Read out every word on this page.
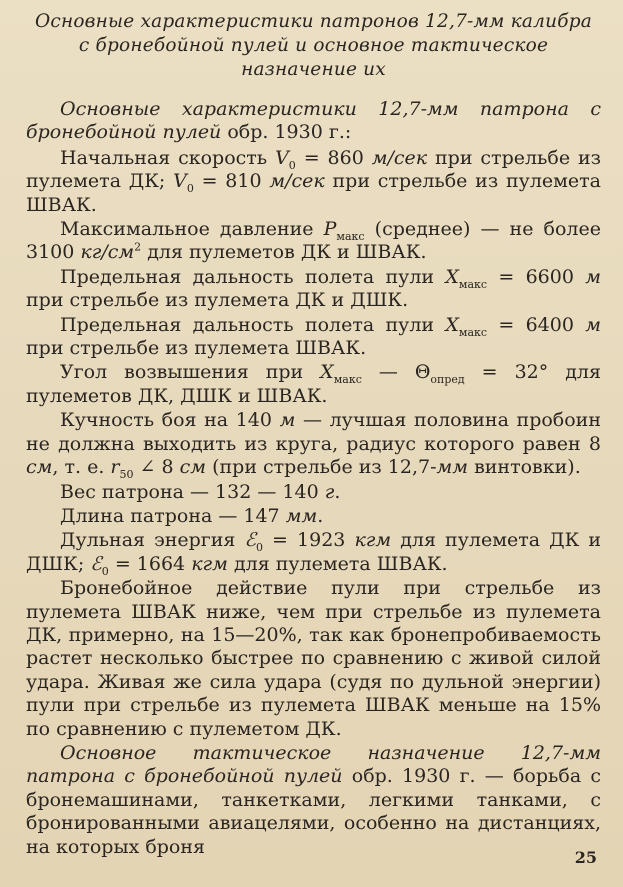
Основные характеристики патронов 12,7-мм калибра с бронебойной пулей и основное тактическое назначение их

Основные характеристики 12,7-мм патрона с бронебойной пулей обр. 1930 г.:

Начальная скорость $V_0 = 860$ м/сек при стрельбе из пулемета ДК; $V_0 = 810$ м/сек при стрельбе из пулемета ШВАК.

Максимальное давление $P_{макс}$ (среднее) — не более 3100 $кг/см^2$ для пулеметов ДК и ШВАК.

Предельная дальность полета пули $X_{макс} = 6600$ м при стрельбе из пулемета ДК и ДШК.

Предельная дальность полета пули $X_{макс} = 6400$ м при стрельбе из пулемета ШВАК.

Угол возвышения при $X_{макс}$ — $\Theta_{опред} = 32^\circ$ для пулеметов ДК, ДШК и ШВАК.

Кучность боя на 140 м — лучшая половина пробоин не должна выходить из круга, радиус которого равен 8 см, т. е. $r_{50}$ ∠ 8 см (при стрельбе из 12,7-мм винтовки).

Вес патрона — 132 — 140 г.

Длина патрона — 147 мм.

Дульная энергия ℰ$_0$ = 1923 кгм для пулемета ДК и ДШК; ℰ$_0$ = 1664 кгм для пулемета ШВАК.

Бронебойное действие пули при стрельбе из пулемета ШВАК ниже, чем при стрельбе из пулемета ДК, примерно, на 15—20%, так как бронепробиваемость растет несколько быстрее по сравнению с живой силой удара. Живая же сила удара (судя по дульной энергии) пули при стрельбе из пулемета ШВАК меньше на 15% по сравнению с пулеметом ДК.

Основное тактическое назначение 12,7-мм патрона с бронебойной пулей обр. 1930 г. — борьба с бронемашинами, танкетками, легкими танками, с бронированными авиацелями, особенно на дистанциях, на которых броня	25
